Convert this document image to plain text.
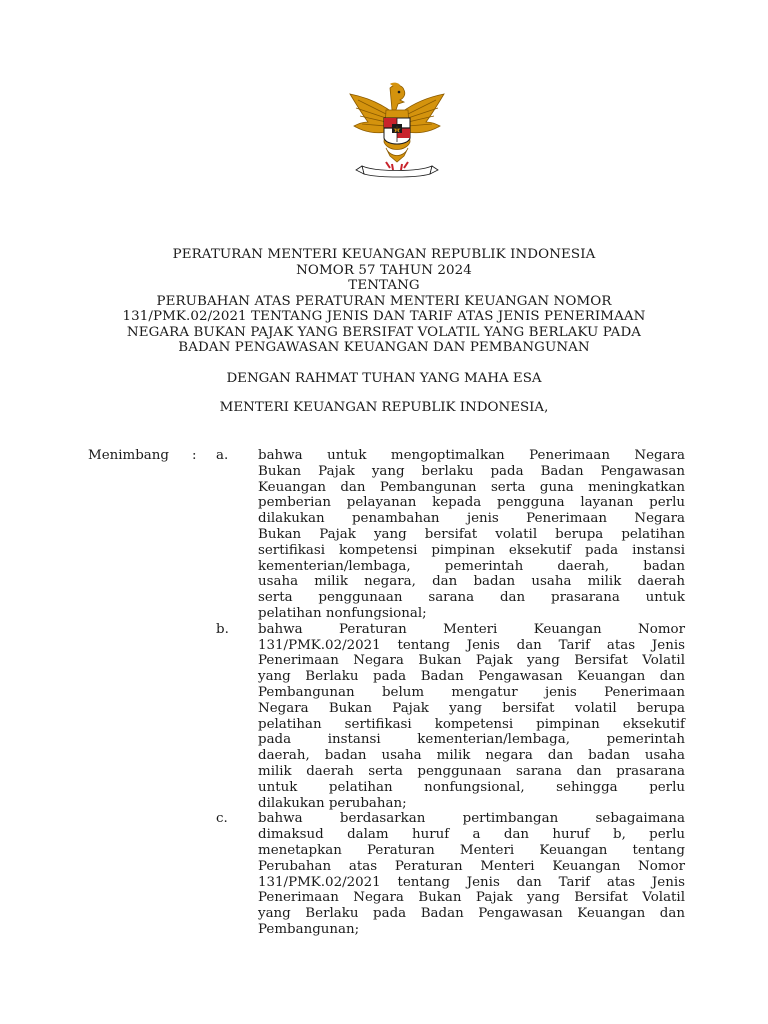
PERATURAN MENTERI KEUANGAN REPUBLIK INDONESIA
NOMOR 57 TAHUN 2024
TENTANG
PERUBAHAN ATAS PERATURAN MENTERI KEUANGAN NOMOR
131/PMK.02/2021 TENTANG JENIS DAN TARIF ATAS JENIS PENERIMAAN
NEGARA BUKAN PAJAK YANG BERSIFAT VOLATIL YANG BERLAKU PADA
BADAN PENGAWASAN KEUANGAN DAN PEMBANGUNAN
DENGAN RAHMAT TUHAN YANG MAHA ESA
MENTERI KEUANGAN REPUBLIK INDONESIA,
Menimbang : a. bahwa untuk mengoptimalkan Penerimaan Negara
Bukan Pajak yang berlaku pada Badan Pengawasan
Keuangan dan Pembangunan serta guna meningkatkan
pemberian pelayanan kepada pengguna layanan perlu
dilakukan penambahan jenis Penerimaan Negara
Bukan Pajak yang bersifat volatil berupa pelatihan
sertifikasi kompetensi pimpinan eksekutif pada instansi
kementerian/lembaga, pemerintah daerah, badan
usaha milik negara, dan badan usaha milik daerah
serta penggunaan sarana dan prasarana untuk
pelatihan nonfungsional;
b. bahwa Peraturan Menteri Keuangan Nomor
131/PMK.02/2021 tentang Jenis dan Tarif atas Jenis
Penerimaan Negara Bukan Pajak yang Bersifat Volatil
yang Berlaku pada Badan Pengawasan Keuangan dan
Pembangunan belum mengatur jenis Penerimaan
Negara Bukan Pajak yang bersifat volatil berupa
pelatihan sertifikasi kompetensi pimpinan eksekutif
pada instansi kementerian/lembaga, pemerintah
daerah, badan usaha milik negara dan badan usaha
milik daerah serta penggunaan sarana dan prasarana
untuk pelatihan nonfungsional, sehingga perlu
dilakukan perubahan;
c. bahwa berdasarkan pertimbangan sebagaimana
dimaksud dalam huruf a dan huruf b, perlu
menetapkan Peraturan Menteri Keuangan tentang
Perubahan atas Peraturan Menteri Keuangan Nomor
131/PMK.02/2021 tentang Jenis dan Tarif atas Jenis
Penerimaan Negara Bukan Pajak yang Bersifat Volatil
yang Berlaku pada Badan Pengawasan Keuangan dan
Pembangunan;
